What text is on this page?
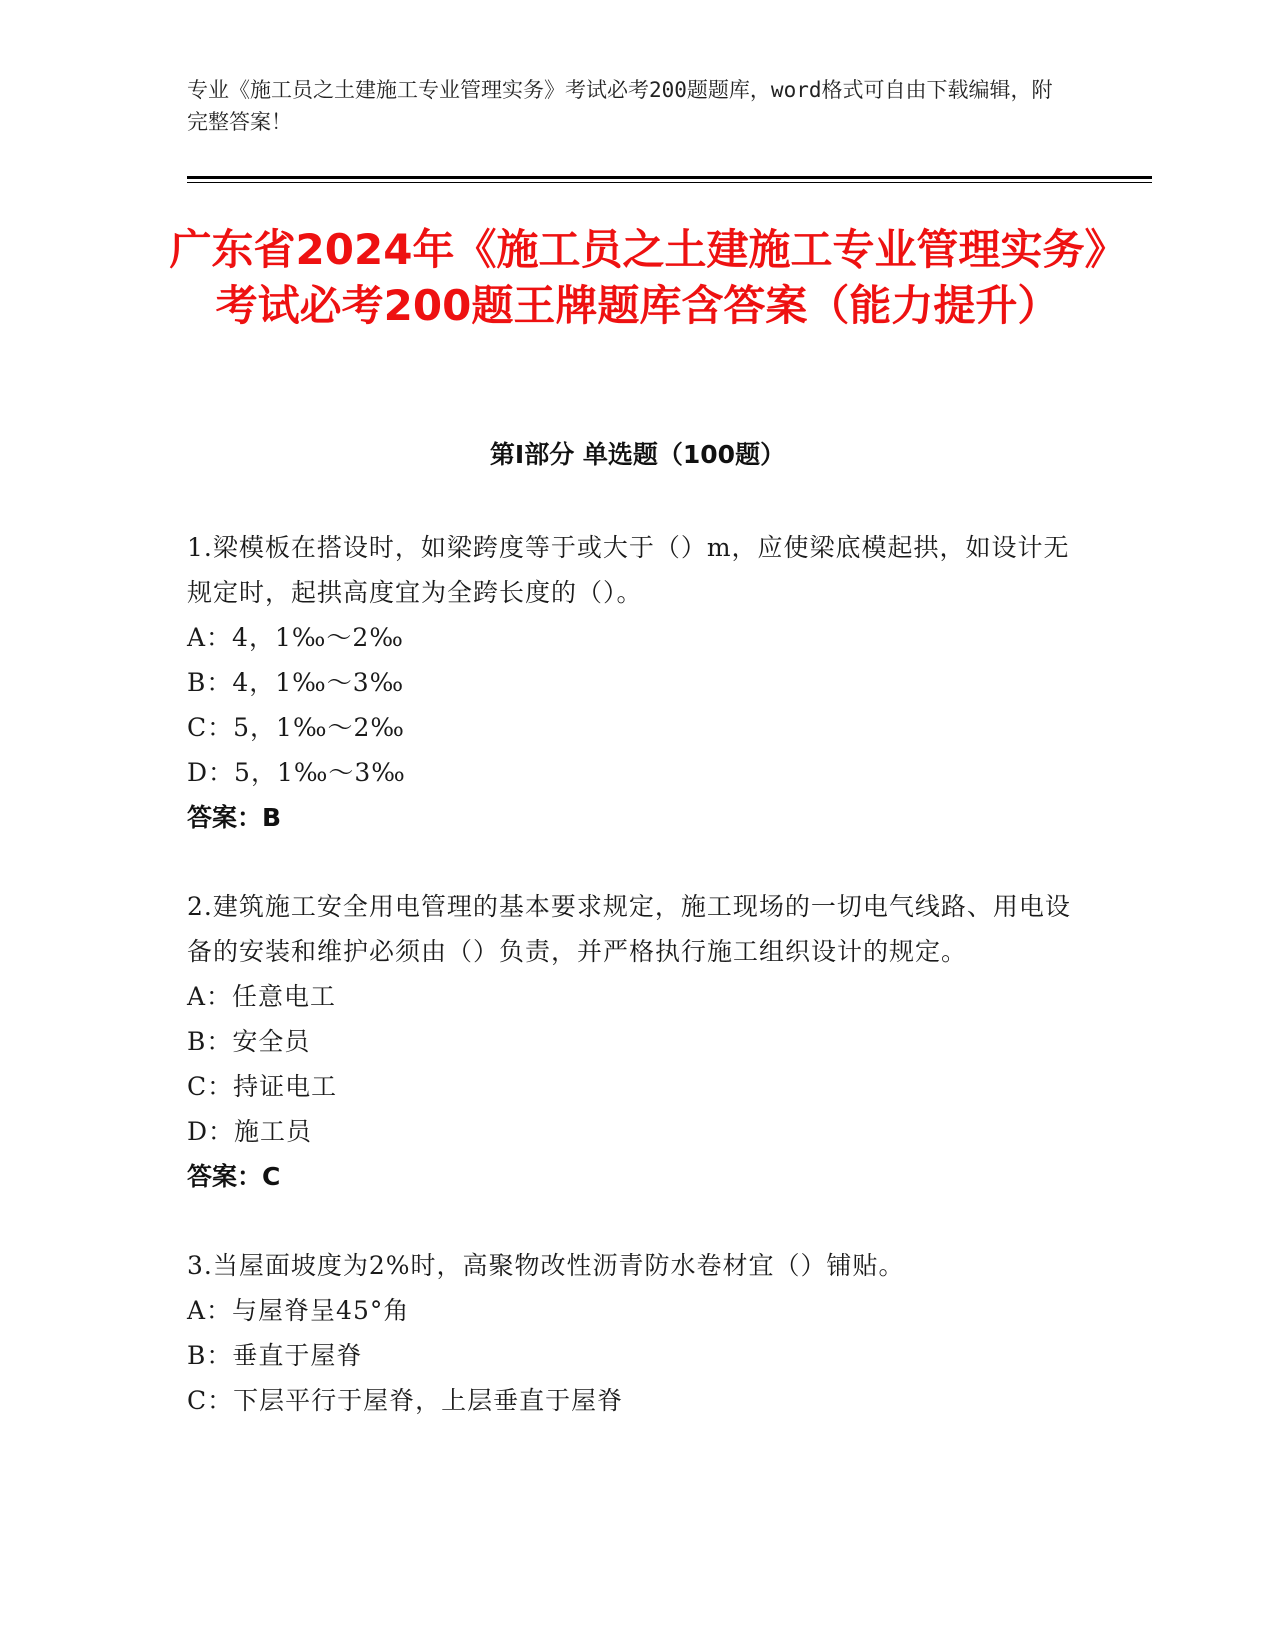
专业《施工员之土建施工专业管理实务》考试必考200题题库，word格式可自由下载编辑，附完整答案！
广东省2024年《施工员之土建施工专业管理实务》考试必考200题王牌题库含答案（能力提升）
第Ⅰ部分 单选题（100题）
1.梁模板在搭设时，如梁跨度等于或大于（）m，应使梁底模起拱，如设计无规定时，起拱高度宜为全跨长度的（）。
A：4，1‰～2‰
B：4，1‰～3‰
C：5，1‰～2‰
D：5，1‰～3‰
答案：B
2.建筑施工安全用电管理的基本要求规定，施工现场的一切电气线路、用电设备的安装和维护必须由（）负责，并严格执行施工组织设计的规定。
A：任意电工
B：安全员
C：持证电工
D：施工员
答案：C
3.当屋面坡度为2%时，高聚物改性沥青防水卷材宜（）铺贴。
A：与屋脊呈45°角
B：垂直于屋脊
C：下层平行于屋脊，上层垂直于屋脊
